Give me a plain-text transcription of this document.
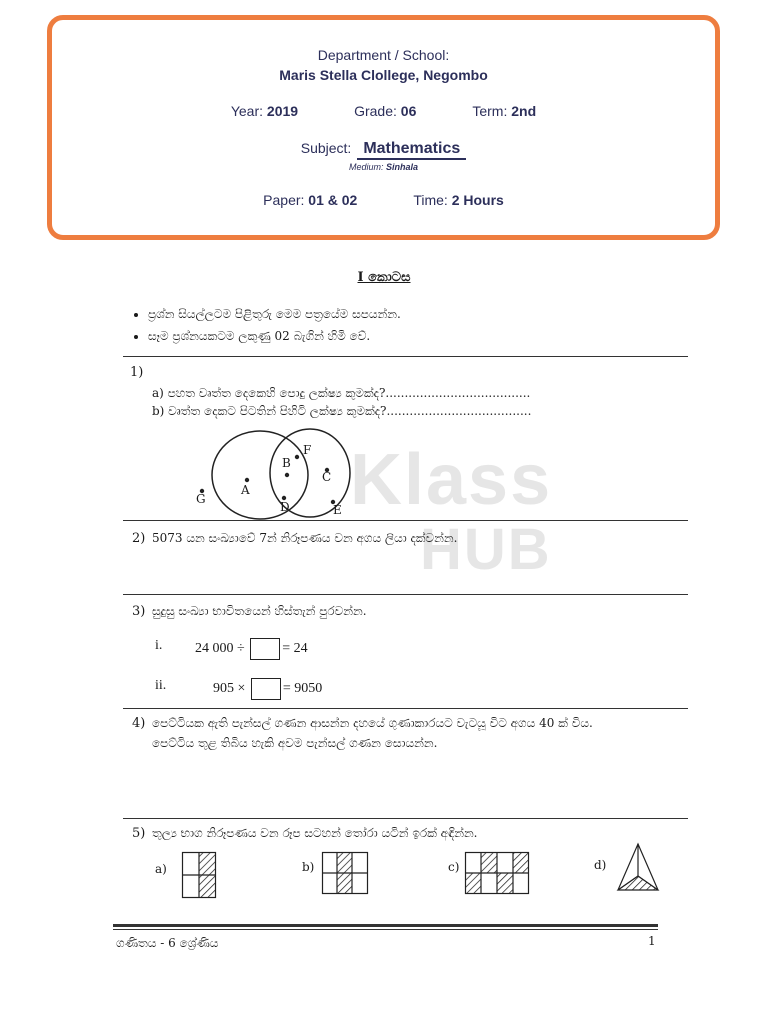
Department / School:
Maris Stella Clollege, Negombo
Year: 2019	Grade: 06	Term: 2nd
Subject: Mathematics
Medium: Sinhala
Paper: 01 & 02	Time: 2 Hours
Klass
HUB
I කොටස
• ප්‍රශ්න සියල්ලටම පිළිතුරු මෙම පත්‍රයේම සපයන්න.
• සෑම ප්‍රශ්නයකටම ලකුණු 02 බැගින් හිමි වේ.
1)
a) පහත වෘත්ත දෙකෙහි පොදු ලක්ෂ්‍ය කුමක්ද?......................................
b) වෘත්ත දෙකට පිටතින් පිහිටි ලක්ෂ්‍ය කුමක්ද?......................................
G
A
B
F
C
D	E
2) 5073 යන සංඛ්‍යාවේ 7න් නිරූපණය වන අගය ලියා දක්වන්න.
3) සුදුසු සංඛ්‍යා භාවිතයෙන් හිස්තැන් පුරවන්න.
i. 24 000 ÷	= 24
ii.	905 ×	= 9050
4) පෙට්ටියක ඇති පැන්සල් ගණන ආසන්න දහයේ ගුණාකාරයට වැටයූ විට අගය 40 ක් විය.
පෙට්ටිය තුළ තිබිය හැකි අවම පැන්සල් ගණන සොයන්න.
5) තුල්‍ය භාග නිරූපණය වන රූප සටහන් තෝරා යටින් ඉරක් අඳින්න.
a)	b)	c)	d)
ගණිතය - 6 ශ්‍රේණිය	1
